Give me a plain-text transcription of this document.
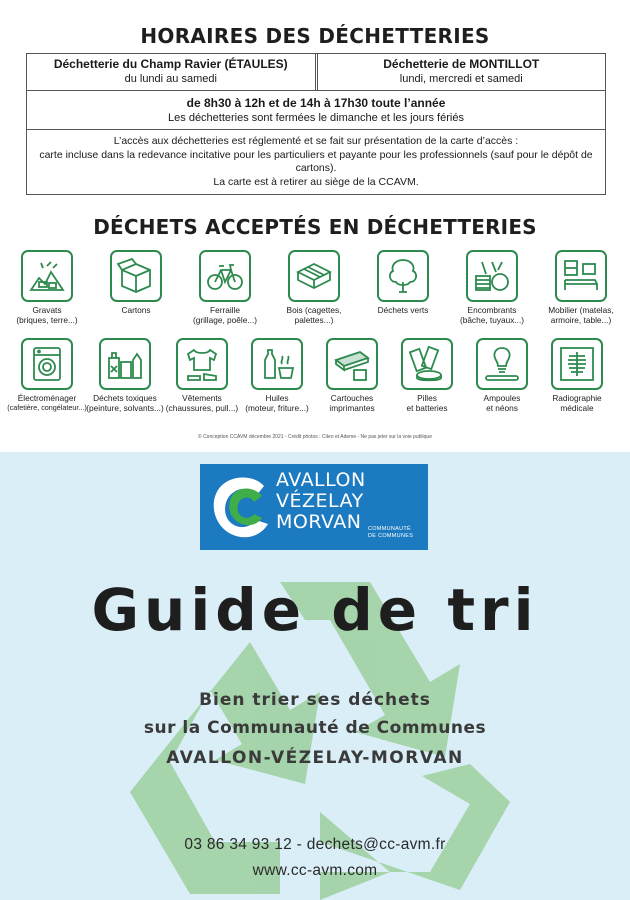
HORAIRES DES DÉCHETTERIES
Déchetterie du Champ Ravier (ÉTAULES)
du lundi au samedi
Déchetterie de MONTILLOT
lundi, mercredi et samedi
de 8h30 à 12h et de 14h à 17h30 toute l’année
Les déchetteries sont fermées le dimanche et les jours fériés
L’accès aux déchetteries est réglementé et se fait sur présentation de la carte d’accès :
carte incluse dans la redevance incitative pour les particuliers et payante pour les professionnels (sauf pour le dépôt de cartons).
La carte est à retirer au siège de la CCAVM.
DÉCHETS ACCEPTÉS EN DÉCHETTERIES
Gravats
(briques, terre...)
Cartons	Ferraille
(grillage, poêle...)
Bois (cagettes,
palettes...)
Déchets verts	Encombrants
(bâche, tuyaux...)
Mobilier (matelas,
armoire, table...)
Électroménager
(cafetière, congélateur...)
Déchets toxiques
(peinture, solvants...)
Vêtements
(chaussures, pull...)
Huiles
(moteur, friture...)
Cartouches
imprimantes
Pilles
et batteries
Ampoules
et néons
Radiographie
médicale
© Conception CCAVM décembre 2021 - Crédit photos : Citeo et Ademe - Ne pas jeter sur la voie publique
AVALLON
VÉZELAY
MORVAN COMMUNAUTÉ
DE COMMUNES
Guide de tri
Bien trier ses déchets
sur la Communauté de Communes
AVALLON-VÉZELAY-MORVAN
03 86 34 93 12 - dechets@cc-avm.fr
www.cc-avm.com
